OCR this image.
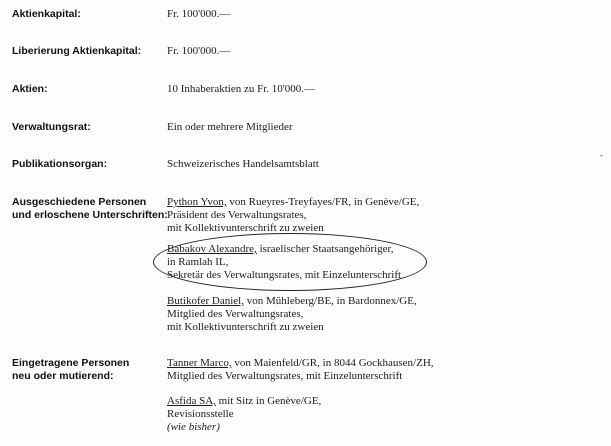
Aktienkapital:	Fr. 100'000.—
Liberierung Aktienkapital: Fr. 100'000.—
Aktien:	10 Inhaberaktien zu Fr. 10'000.—
Verwaltungsrat:	Ein oder mehrere Mitglieder
Publikationsorgan:	Schweizerisches Handelsamtsblatt
Ausgeschiedene Personen
und erloschene Unterschriften:
Python Yvon, von Rueyres-Treyfayes/FR, in Genève/GE,
Präsident des Verwaltungsrates,
mit Kollektivunterschrift zu zweien
Babakov Alexandre, israelischer Staatsangehöriger,
in Ramlah IL,
Sekretär des Verwaltungsrates, mit Einzelunterschrift
Butikofer Daniel, von Mühleberg/BE, in Bardonnex/GE,
Mitglied des Verwaltungsrates,
mit Kollektivunterschrift zu zweien
Eingetragene Personen
neu oder mutierend:
Tanner Marco, von Maienfeld/GR, in 8044 Gockhausen/ZH,
Mitglied des Verwaltungsrates, mit Einzelunterschrift
Asfida SA, mit Sitz in Genève/GE,
Revisionsstelle
(wie bisher)
-
